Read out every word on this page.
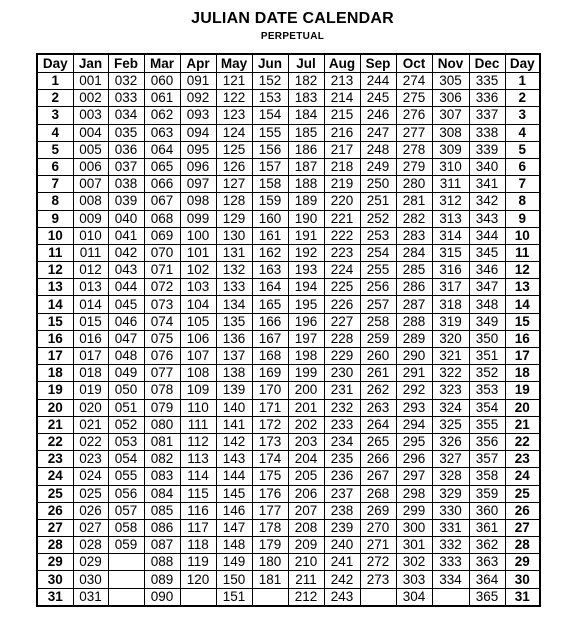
JULIAN DATE CALENDAR
PERPETUAL
Day	Jan	Feb	Mar	Apr	May	Jun	Jul	Aug	Sep	Oct	Nov	Dec	Day
1	001	032	060	091	121	152	182	213	244	274	305	335	1
2	002	033	061	092	122	153	183	214	245	275	306	336	2
3	003	034	062	093	123	154	184	215	246	276	307	337	3
4	004	035	063	094	124	155	185	216	247	277	308	338	4
5	005	036	064	095	125	156	186	217	248	278	309	339	5
6	006	037	065	096	126	157	187	218	249	279	310	340	6
7	007	038	066	097	127	158	188	219	250	280	311	341	7
8	008	039	067	098	128	159	189	220	251	281	312	342	8
9	009	040	068	099	129	160	190	221	252	282	313	343	9
10	010	041	069	100	130	161	191	222	253	283	314	344	10
11	011	042	070	101	131	162	192	223	254	284	315	345	11
12	012	043	071	102	132	163	193	224	255	285	316	346	12
13	013	044	072	103	133	164	194	225	256	286	317	347	13
14	014	045	073	104	134	165	195	226	257	287	318	348	14
15	015	046	074	105	135	166	196	227	258	288	319	349	15
16	016	047	075	106	136	167	197	228	259	289	320	350	16
17	017	048	076	107	137	168	198	229	260	290	321	351	17
18	018	049	077	108	138	169	199	230	261	291	322	352	18
19	019	050	078	109	139	170	200	231	262	292	323	353	19
20	020	051	079	110	140	171	201	232	263	293	324	354	20
21	021	052	080	111	141	172	202	233	264	294	325	355	21
22	022	053	081	112	142	173	203	234	265	295	326	356	22
23	023	054	082	113	143	174	204	235	266	296	327	357	23
24	024	055	083	114	144	175	205	236	267	297	328	358	24
25	025	056	084	115	145	176	206	237	268	298	329	359	25
26	026	057	085	116	146	177	207	238	269	299	330	360	26
27	027	058	086	117	147	178	208	239	270	300	331	361	27
28	028	059	087	118	148	179	209	240	271	301	332	362	28
29	029		088	119	149	180	210	241	272	302	333	363	29
30	030		089	120	150	181	211	242	273	303	334	364	30
31	031		090		151		212	243		304		365	31
